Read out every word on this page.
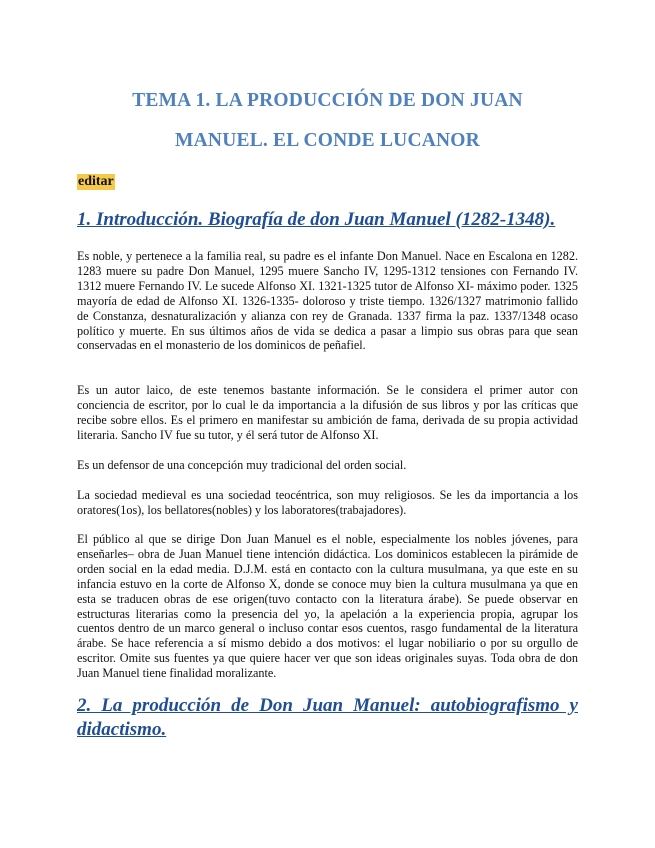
TEMA 1. LA PRODUCCIÓN DE DON JUAN
MANUEL. EL CONDE LUCANOR
editar
1. Introducción. Biografía de don Juan Manuel (1282-1348).

Es noble, y pertenece a la familia real, su padre es el infante Don Manuel. Nace en Escalona en 1282. 1283 muere su padre Don Manuel, 1295 muere Sancho IV, 1295-1312 tensiones con Fernando IV. 1312 muere Fernando IV. Le sucede Alfonso XI. 1321-1325 tutor de Alfonso XI- máximo poder. 1325 mayoría de edad de Alfonso XI. 1326-1335- doloroso y triste tiempo. 1326/1327 matrimonio fallido de Constanza, desnaturalización y alianza con rey de Granada. 1337 firma la paz. 1337/1348 ocaso político y muerte. En sus últimos años de vida se dedica a pasar a limpio sus obras para que sean conservadas en el monasterio de los dominicos de peñafiel.

Es un autor laico, de este tenemos bastante información. Se le considera el primer autor con conciencia de escritor, por lo cual le da importancia a la difusión de sus libros y por las críticas que recibe sobre ellos. Es el primero en manifestar su ambición de fama, derivada de su propia actividad literaria. Sancho IV fue su tutor, y él será tutor de Alfonso XI.

Es un defensor de una concepción muy tradicional del orden social.

La sociedad medieval es una sociedad teocéntrica, son muy religiosos. Se les da importancia a los oratores(1os), los bellatores(nobles) y los laboratores(trabajadores).

El público al que se dirige Don Juan Manuel es el noble, especialmente los nobles jóvenes, para enseñarles– obra de Juan Manuel tiene intención didáctica. Los dominicos establecen la pirámide de orden social en la edad media. D.J.M. está en contacto con la cultura musulmana, ya que este en su infancia estuvo en la corte de Alfonso X, donde se conoce muy bien la cultura musulmana ya que en esta se traducen obras de ese origen(tuvo contacto con la literatura árabe). Se puede observar en estructuras literarias como la presencia del yo, la apelación a la experiencia propia, agrupar los cuentos dentro de un marco general o incluso contar esos cuentos, rasgo fundamental de la literatura árabe. Se hace referencia a sí mismo debido a dos motivos: el lugar nobiliario o por su orgullo de escritor. Omite sus fuentes ya que quiere hacer ver que son ideas originales suyas. Toda obra de don Juan Manuel tiene finalidad moralizante.

2. La producción de Don Juan Manuel: autobiografismo y didactismo.
